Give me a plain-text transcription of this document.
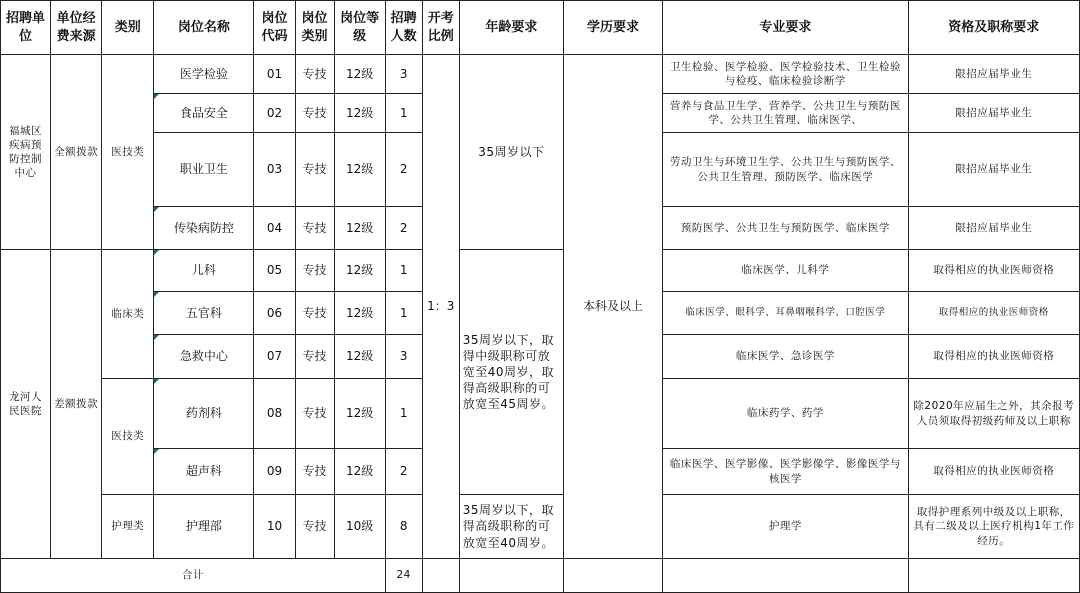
招聘单位	单位经费来源	类别	岗位名称	岗位代码	岗位类别	岗位等级	招聘人数	开考比例	年龄要求	学历要求	专业要求	资格及职称要求
福城区疾病预防控制中心	全额拨款	医技类	医学检验	01	专技	12级	3	1：3	35周岁以下	本科及以上	卫生检验、医学检验、医学检验技术、卫生检验与检疫、临床检验诊断学	限招应届毕业生
			食品安全	02	专技	12级	1				营养与食品卫生学、营养学、公共卫生与预防医学、公共卫生管理、临床医学、	限招应届毕业生
			职业卫生	03	专技	12级	2				劳动卫生与环境卫生学、公共卫生与预防医学、公共卫生管理、预防医学、临床医学	限招应届毕业生
			传染病防控	04	专技	12级	2				预防医学、公共卫生与预防医学、临床医学	限招应届毕业生
龙河人民医院	差额拨款	临床类	儿科	05	专技	12级	1		35周岁以下，取得中级职称可放宽至40周岁，取得高级职称的可放宽至45周岁。		临床医学、儿科学	取得相应的执业医师资格
			五官科	06	专技	12级	1				临床医学、眼科学、耳鼻咽喉科学、口腔医学	取得相应的执业医师资格
			急救中心	07	专技	12级	3				临床医学、急诊医学	取得相应的执业医师资格
		医技类	药剂科	08	专技	12级	1				临床药学、药学	除2020年应届生之外，其余报考人员须取得初级药师及以上职称
			超声科	09	专技	12级	2				临床医学、医学影像、医学影像学、影像医学与核医学	取得相应的执业医师资格
		护理类	护理部	10	专技	10级	8		35周岁以下，取得高级职称的可放宽至40周岁。		护理学	取得护理系列中级及以上职称，具有二级及以上医疗机构1年工作经历。
合计							24					
